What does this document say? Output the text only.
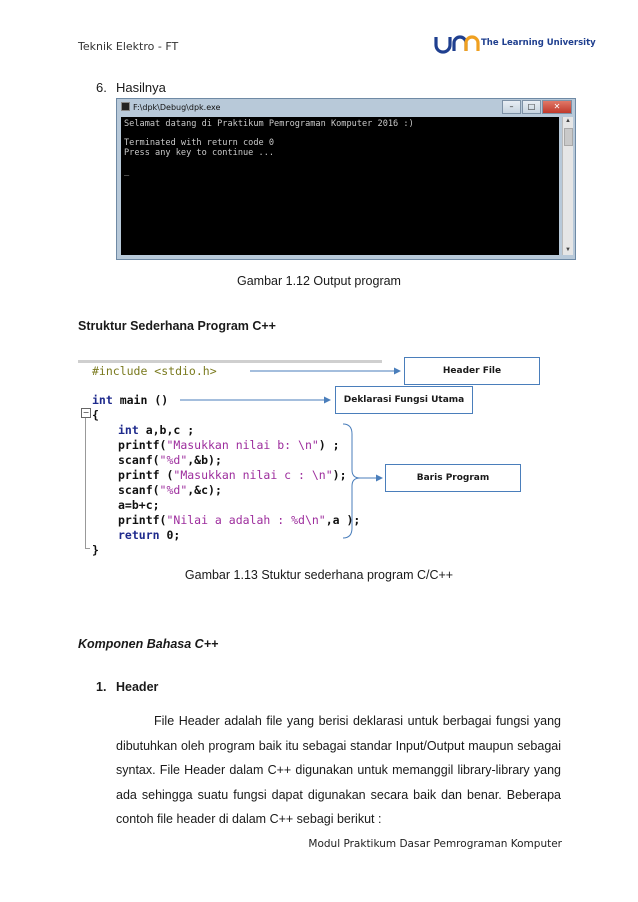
Teknik Elektro - FT	The Learning University
6. Hasilnya
F:\dpk\Debug\dpk.exe	–	□	✕
Selamat datang di Praktikum Pemrograman Komputer 2016 :)

Terminated with return code 0
Press any key to continue ...

_
▲
▼
Gambar 1.12 Output program
Struktur Sederhana Program C++
−
#include <stdio.h>
int main ()
{
int a,b,c ;
printf("Masukkan nilai b: \n") ;
scanf("%d",&b);
printf ("Masukkan nilai c : \n");
scanf("%d",&c);
a=b+c;
printf("Nilai a adalah : %d\n",a );
return 0;
}
Header File
Deklarasi Fungsi Utama
Baris Program
Gambar 1.13 Stuktur sederhana program C/C++
Komponen Bahasa C++
1. Header
File Header adalah file yang berisi deklarasi untuk berbagai fungsi yang dibutuhkan oleh program baik itu sebagai standar Input/Output maupun sebagai syntax. File Header dalam C++ digunakan untuk memanggil library-library yang ada sehingga suatu fungsi dapat digunakan secara baik dan benar. Beberapa contoh file header di dalam C++ sebagi berikut :
Modul Praktikum Dasar Pemrograman Komputer
